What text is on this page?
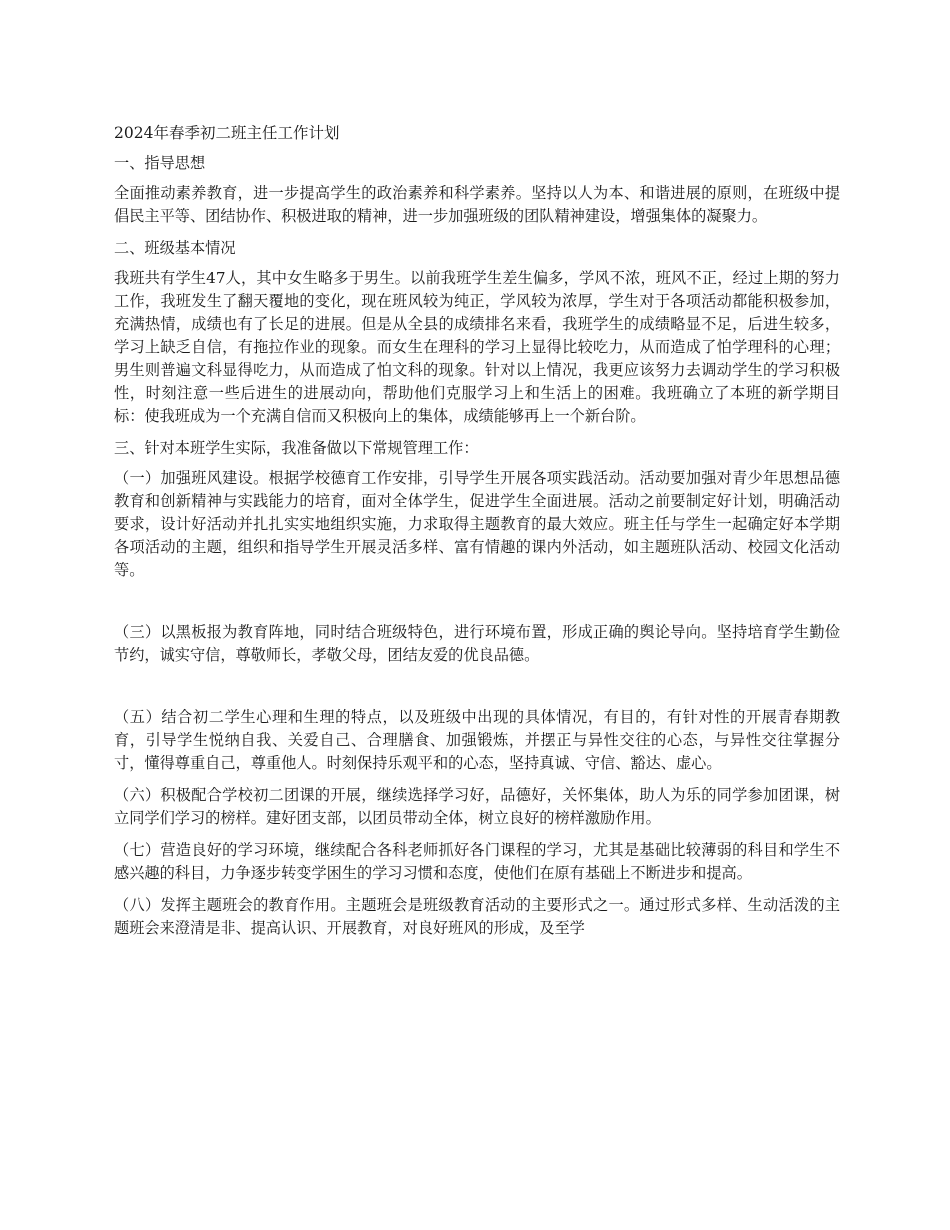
2024年春季初二班主任工作计划

一、指导思想

全面推动素养教育，进一步提高学生的政治素养和科学素养。坚持以人为本、和谐进展的原则，在班级中提倡民主平等、团结协作、积极进取的精神，进一步加强班级的团队精神建设，增强集体的凝聚力。

二、班级基本情况

我班共有学生47人，其中女生略多于男生。以前我班学生差生偏多，学风不浓，班风不正，经过上期的努力工作，我班发生了翻天覆地的变化，现在班风较为纯正，学风较为浓厚，学生对于各项活动都能积极参加，充满热情，成绩也有了长足的进展。但是从全县的成绩排名来看，我班学生的成绩略显不足，后进生较多，学习上缺乏自信，有拖拉作业的现象。而女生在理科的学习上显得比较吃力，从而造成了怕学理科的心理；男生则普遍文科显得吃力，从而造成了怕文科的现象。针对以上情况，我更应该努力去调动学生的学习积极性，时刻注意一些后进生的进展动向，帮助他们克服学习上和生活上的困难。我班确立了本班的新学期目标：使我班成为一个充满自信而又积极向上的集体，成绩能够再上一个新台阶。

三、针对本班学生实际，我准备做以下常规管理工作：

（一）加强班风建设。根据学校德育工作安排，引导学生开展各项实践活动。活动要加强对青少年思想品德教育和创新精神与实践能力的培育，面对全体学生，促进学生全面进展。活动之前要制定好计划，明确活动要求，设计好活动并扎扎实实地组织实施，力求取得主题教育的最大效应。班主任与学生一起确定好本学期各项活动的主题，组织和指导学生开展灵活多样、富有情趣的课内外活动，如主题班队活动、校园文化活动等。

（三）以黑板报为教育阵地，同时结合班级特色，进行环境布置，形成正确的舆论导向。坚持培育学生勤俭节约，诚实守信，尊敬师长，孝敬父母，团结友爱的优良品德。

（五）结合初二学生心理和生理的特点，以及班级中出现的具体情况，有目的，有针对性的开展青春期教育，引导学生悦纳自我、关爱自己、合理膳食、加强锻炼，并摆正与异性交往的心态，与异性交往掌握分寸，懂得尊重自己，尊重他人。时刻保持乐观平和的心态，坚持真诚、守信、豁达、虚心。

（六）积极配合学校初二团课的开展，继续选择学习好，品德好，关怀集体，助人为乐的同学参加团课，树立同学们学习的榜样。建好团支部，以团员带动全体，树立良好的榜样激励作用。

（七）营造良好的学习环境，继续配合各科老师抓好各门课程的学习，尤其是基础比较薄弱的科目和学生不感兴趣的科目，力争逐步转变学困生的学习习惯和态度，使他们在原有基础上不断进步和提高。

（八）发挥主题班会的教育作用。主题班会是班级教育活动的主要形式之一。通过形式多样、生动活泼的主题班会来澄清是非、提高认识、开展教育，对良好班风的形成，及至学
